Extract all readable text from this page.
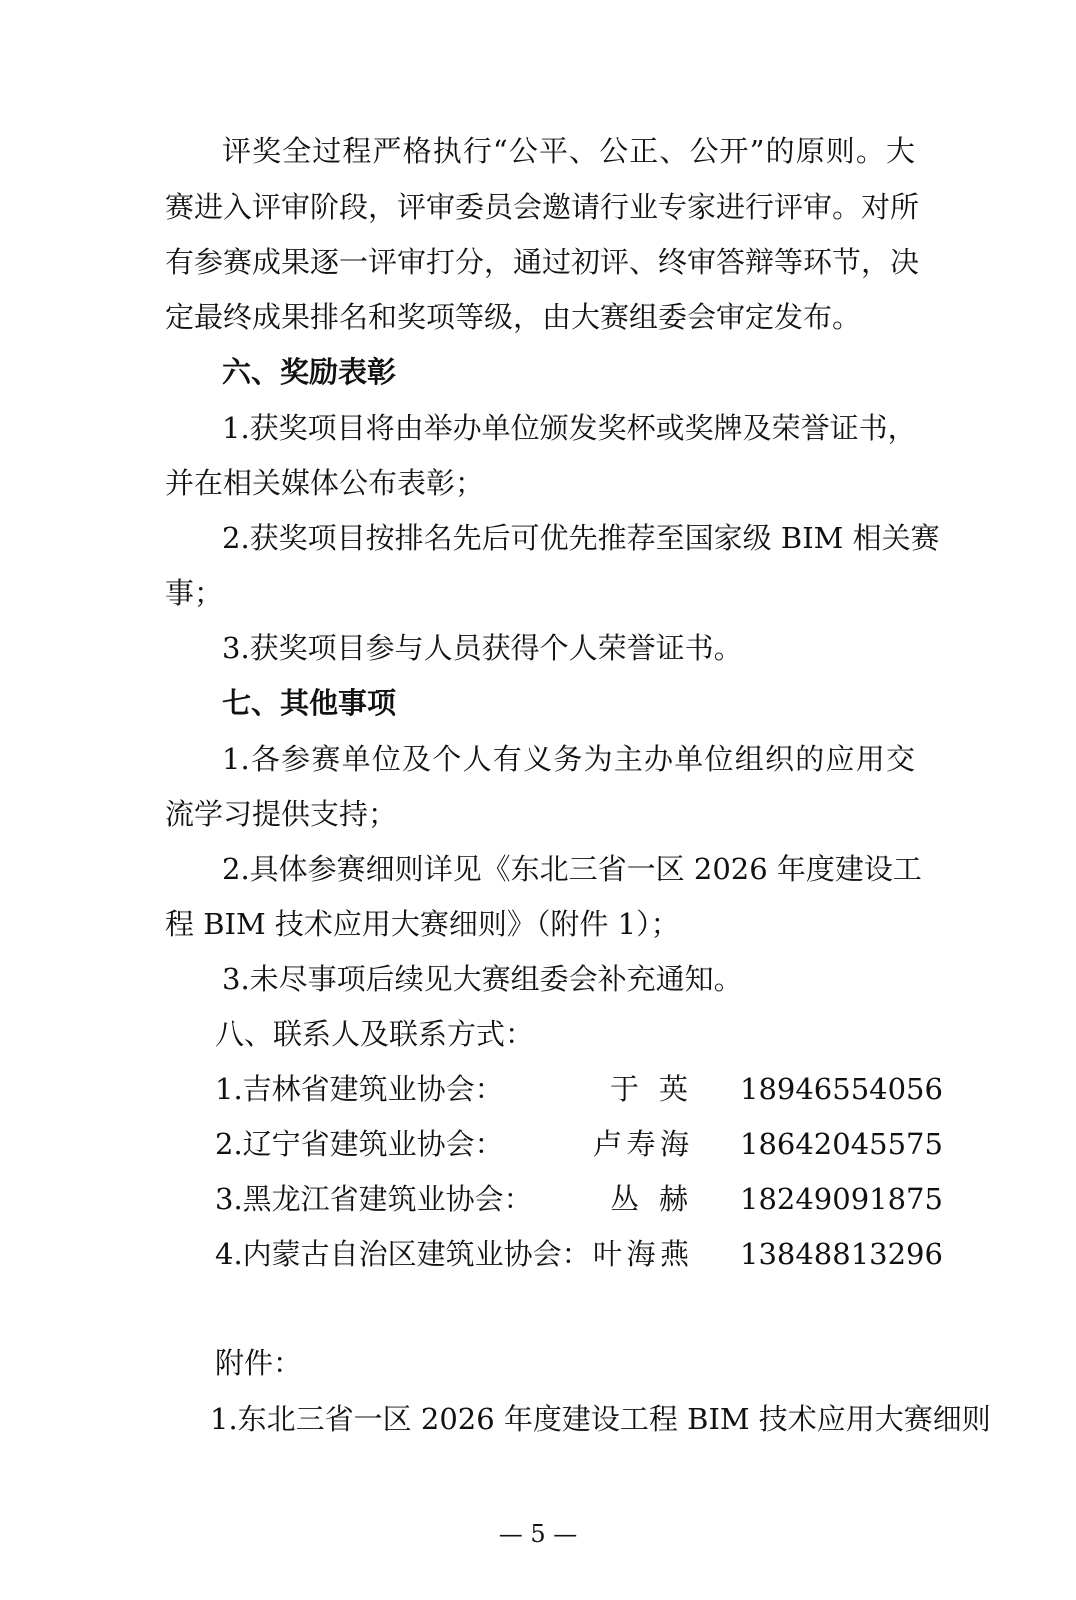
评奖全过程严格执行“公平、公正、公开”的原则。大
赛进入评审阶段，评审委员会邀请行业专家进行评审。对所
有参赛成果逐一评审打分，通过初评、终审答辩等环节，决
定最终成果排名和奖项等级，由大赛组委会审定发布。
六、奖励表彰
1.获奖项目将由举办单位颁发奖杯或奖牌及荣誉证书，
并在相关媒体公布表彰；
2.获奖项目按排名先后可优先推荐至国家级 BIM 相关赛
事；
3.获奖项目参与人员获得个人荣誉证书。
七、其他事项
1.各参赛单位及个人有义务为主办单位组织的应用交
流学习提供支持；
2.具体参赛细则详见《东北三省一区 2026 年度建设工
程 BIM 技术应用大赛细则》（附件 1）；
3.未尽事项后续见大赛组委会补充通知。
八、联系人及联系方式：
1.吉林省建筑业协会：	于英 18946554056
2.辽宁省建筑业协会：	卢寿海 18642045575
3.黑龙江省建筑业协会：	丛赫 18249091875
4.内蒙古自治区建筑业协会： 叶海燕 13848813296
附件：
1.东北三省一区 2026 年度建设工程 BIM 技术应用大赛细则
— 5 —
